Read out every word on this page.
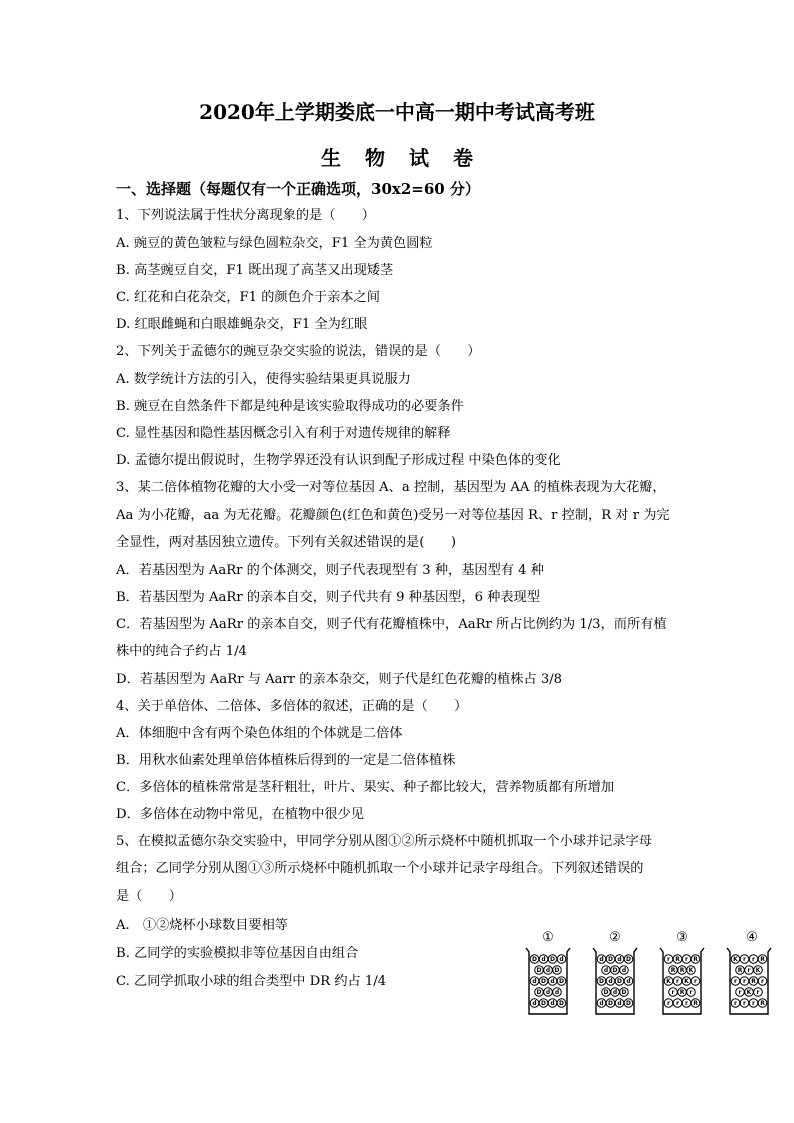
2020年上学期娄底一中高一期中考试高考班
生物试卷
一、选择题（每题仅有一个正确选项，30x2=60 分）
1、下列说法属于性状分离现象的是（　　）
A. 豌豆的黄色皱粒与绿色圆粒杂交，F1 全为黄色圆粒
B. 高茎豌豆自交，F1 既出现了高茎又出现矮茎
C. 红花和白花杂交，F1 的颜色介于亲本之间
D. 红眼雌蝇和白眼雄蝇杂交，F1 全为红眼
2、下列关于孟德尔的豌豆杂交实验的说法，错误的是（　　）
A. 数学统计方法的引入，使得实验结果更具说服力
B. 豌豆在自然条件下都是纯种是该实验取得成功的必要条件
C. 显性基因和隐性基因概念引入有利于对遗传规律的解释
D. 孟德尔提出假说时，生物学界还没有认识到配子形成过程 中染色体的变化
3、某二倍体植物花瓣的大小受一对等位基因 A、a 控制，基因型为 AA 的植株表现为大花瓣，
Aa 为小花瓣，aa 为无花瓣。花瓣颜色(红色和黄色)受另一对等位基因 R、r 控制，R 对 r 为完
全显性，两对基因独立遗传。下列有关叙述错误的是(　　)
A．若基因型为 AaRr 的个体测交，则子代表现型有 3 种，基因型有 4 种
B．若基因型为 AaRr 的亲本自交，则子代共有 9 种基因型，6 种表现型
C．若基因型为 AaRr 的亲本自交，则子代有花瓣植株中，AaRr 所占比例约为 1/3，而所有植
株中的纯合子约占 1/4
D．若基因型为 AaRr 与 Aarr 的亲本杂交，则子代是红色花瓣的植株占 3/8
4、关于单倍体、二倍体、多倍体的叙述，正确的是（　　）
A．体细胞中含有两个染色体组的个体就是二倍体
B．用秋水仙素处理单倍体植株后得到的一定是二倍体植株
C．多倍体的植株常常是茎秆粗壮，叶片、果实、种子都比较大，营养物质都有所增加
D．多倍体在动物中常见，在植物中很少见
5、在模拟孟德尔杂交实验中，甲同学分别从图①②所示烧杯中随机抓取一个小球并记录字母
组合；乙同学分别从图①③所示烧杯中随机抓取一个小球并记录字母组合。下列叙述错误的
是（　　）
A.　①②烧杯小球数目要相等
B. 乙同学的实验模拟非等位基因自由组合
C. 乙同学抓取小球的组合类型中 DR 约占 1/4
①
D d D d
D d D
d D d D
D d d
d D d D
②
d D d D
d D d
D d D d
D d D
d D d D
③
r R r R
R R K
K r K r
r R r
r r r R
④
K r r R
R r K
r r R r
r K r
r r r R
